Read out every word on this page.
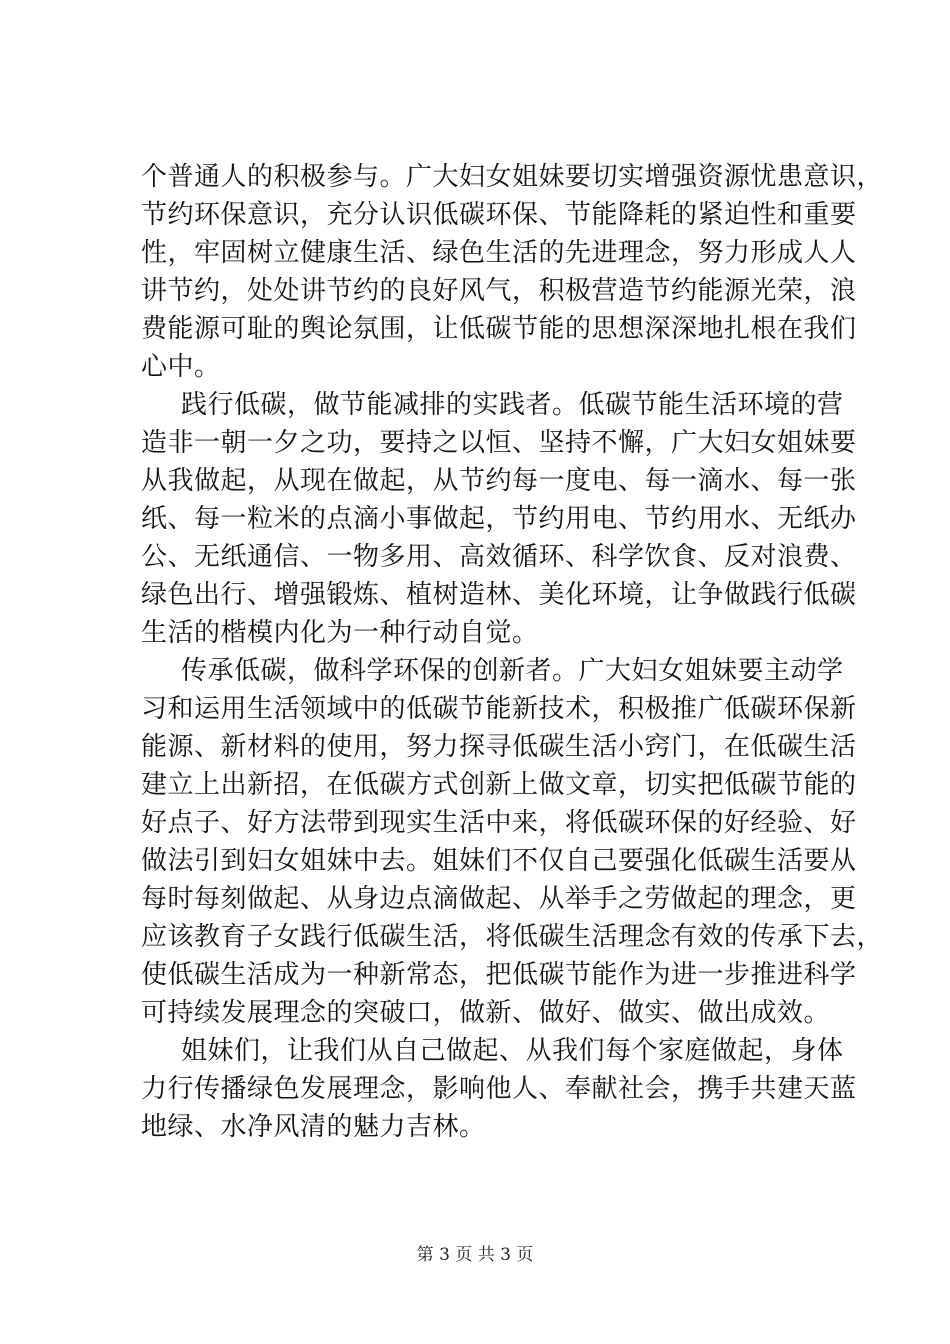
个普通人的积极参与。广大妇女姐妹要切实增强资源忧患意识，
节约环保意识，充分认识低碳环保、节能降耗的紧迫性和重要
性，牢固树立健康生活、绿色生活的先进理念，努力形成人人
讲节约，处处讲节约的良好风气，积极营造节约能源光荣，浪
费能源可耻的舆论氛围，让低碳节能的思想深深地扎根在我们
心中。
践行低碳，做节能减排的实践者。低碳节能生活环境的营
造非一朝一夕之功，要持之以恒、坚持不懈，广大妇女姐妹要
从我做起，从现在做起，从节约每一度电、每一滴水、每一张
纸、每一粒米的点滴小事做起，节约用电、节约用水、无纸办
公、无纸通信、一物多用、高效循环、科学饮食、反对浪费、
绿色出行、增强锻炼、植树造林、美化环境，让争做践行低碳
生活的楷模内化为一种行动自觉。
传承低碳，做科学环保的创新者。广大妇女姐妹要主动学
习和运用生活领域中的低碳节能新技术，积极推广低碳环保新
能源、新材料的使用，努力探寻低碳生活小窍门，在低碳生活
建立上出新招，在低碳方式创新上做文章，切实把低碳节能的
好点子、好方法带到现实生活中来，将低碳环保的好经验、好
做法引到妇女姐妹中去。姐妹们不仅自己要强化低碳生活要从
每时每刻做起、从身边点滴做起、从举手之劳做起的理念，更
应该教育子女践行低碳生活，将低碳生活理念有效的传承下去，
使低碳生活成为一种新常态，把低碳节能作为进一步推进科学
可持续发展理念的突破口，做新、做好、做实、做出成效。
姐妹们，让我们从自己做起、从我们每个家庭做起，身体
力行传播绿色发展理念，影响他人、奉献社会，携手共建天蓝
地绿、水净风清的魅力吉林。
第 3 页 共 3 页
